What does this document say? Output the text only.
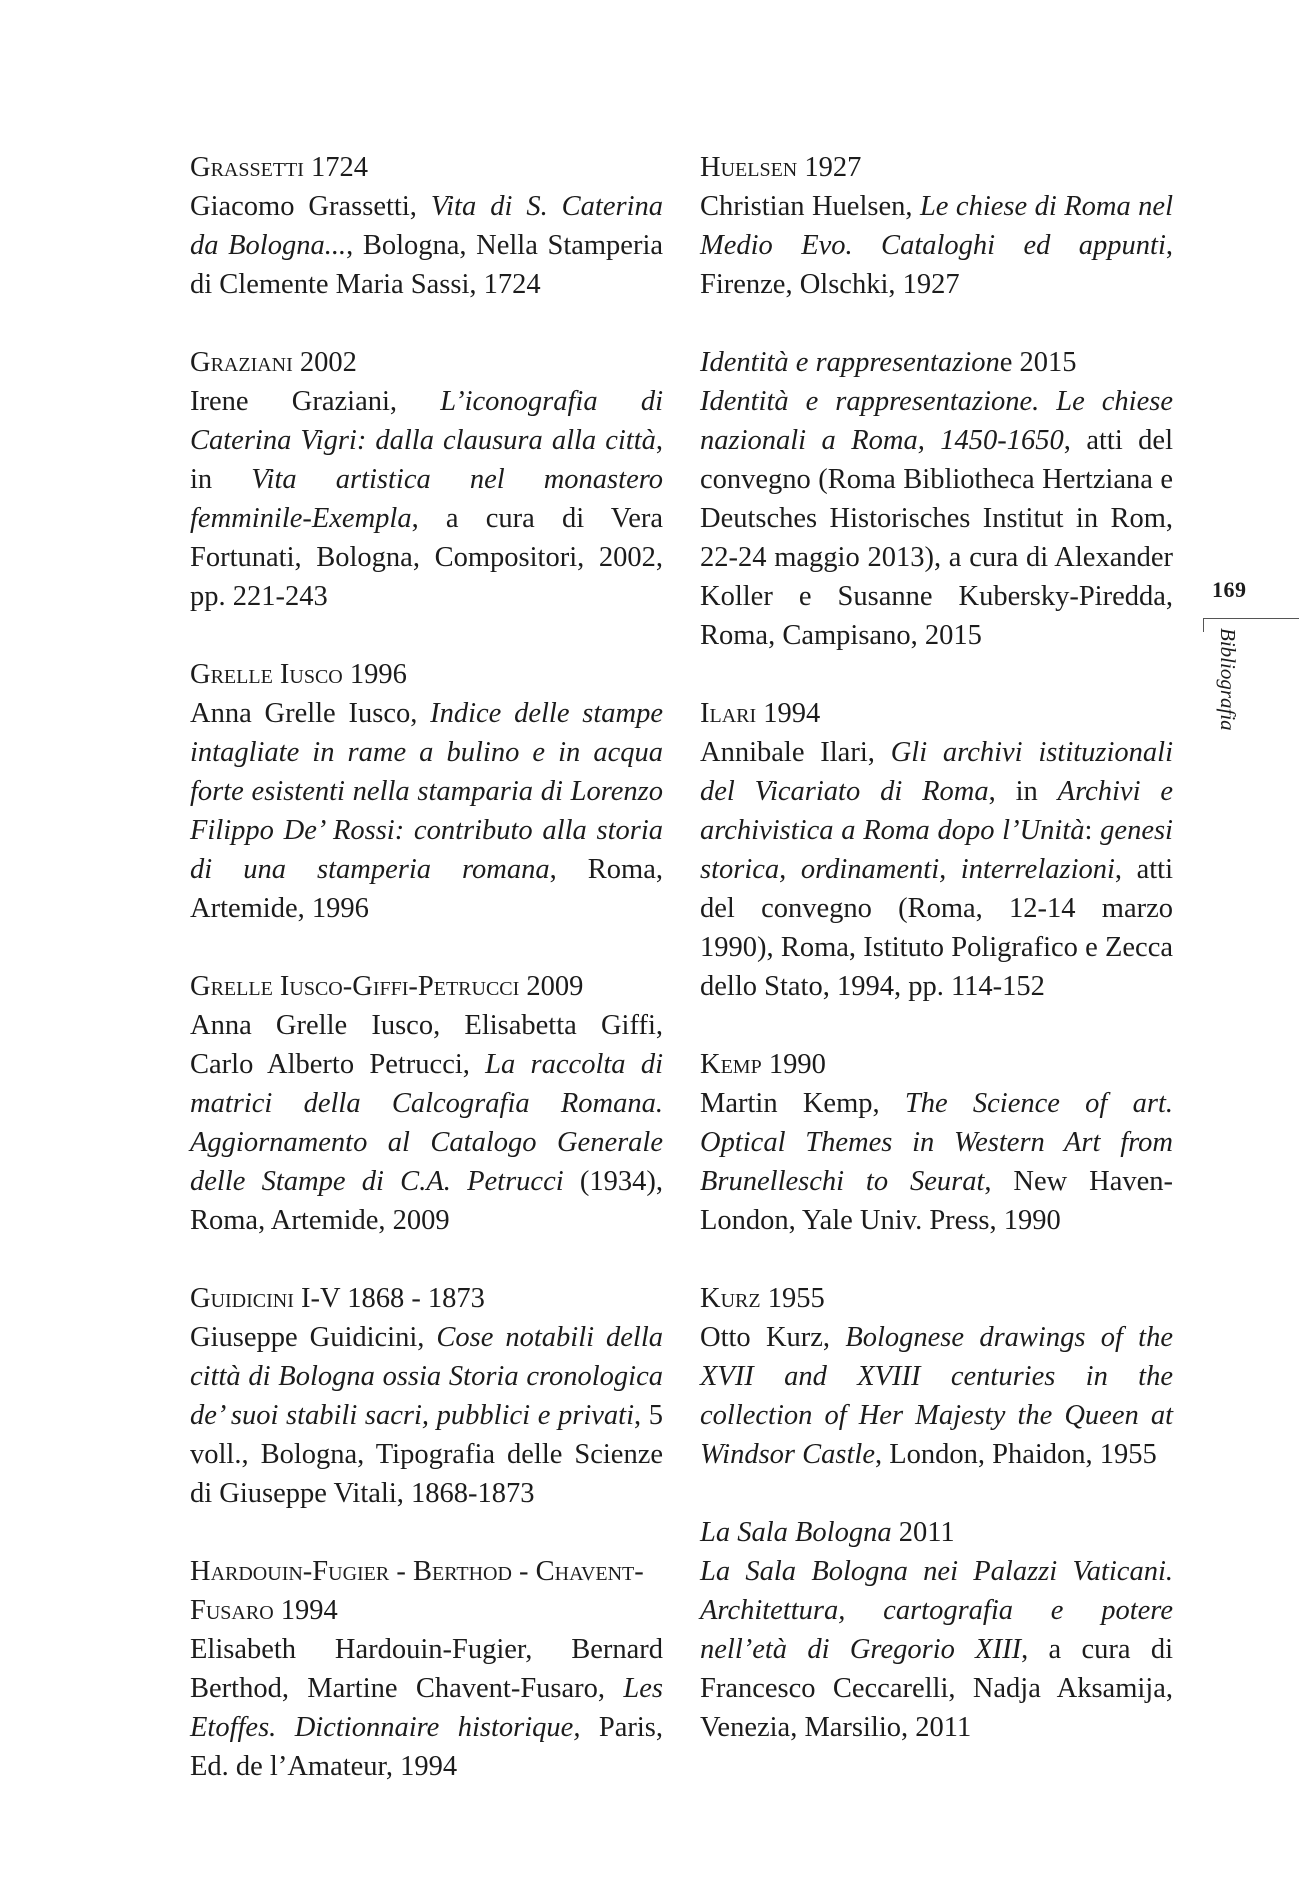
Grassetti 1724
Giacomo Grassetti, Vita di S. Caterina da Bologna..., Bologna, Nella Stamperia di Clemente Maria Sassi, 1724
Graziani 2002
Irene Graziani, L’iconografia di Caterina Vigri: dalla clausura alla città, in Vita artistica nel monastero femminile-Exempla, a cura di Vera Fortunati, Bologna, Compositori, 2002, pp. 221-243
Grelle Iusco 1996
Anna Grelle Iusco, Indice delle stampe intagliate in rame a bulino e in acqua forte esistenti nella stamparia di Lorenzo Filippo De’ Rossi: contributo alla storia di una stamperia romana, Roma, Artemide, 1996
Grelle Iusco-Giffi-Petrucci 2009
Anna Grelle Iusco, Elisabetta Giffi, Carlo Alberto Petrucci, La raccolta di matrici della Calcografia Romana. Aggiornamento al Catalogo Generale delle Stampe di C.A. Petrucci (1934), Roma, Artemide, 2009
Guidicini I-V 1868 - 1873
Giuseppe Guidicini, Cose notabili della città di Bologna ossia Storia cronologica de’ suoi stabili sacri, pubblici e privati, 5 voll., Bologna, Tipografia delle Scienze di Giuseppe Vitali, 1868-1873
Hardouin-Fugier - Berthod - Chavent-Fusaro 1994
Elisabeth Hardouin-Fugier, Bernard Berthod, Martine Chavent-Fusaro, Les Etoffes. Dictionnaire historique, Paris, Ed. de l’Amateur, 1994
Huelsen 1927
Christian Huelsen, Le chiese di Roma nel Medio Evo. Cataloghi ed appunti, Firenze, Olschki, 1927
Identità e rappresentazione 2015
Identità e rappresentazione. Le chiese nazionali a Roma, 1450-1650, atti del convegno (Roma Bibliotheca Hertziana e Deutsches Historisches Institut in Rom, 22-24 maggio 2013), a cura di Alexander Koller e Susanne Kubersky-Piredda, Roma, Campisano, 2015
Ilari 1994
Annibale Ilari, Gli archivi istituzionali del Vicariato di Roma, in Archivi e archivistica a Roma dopo l’Unità: genesi storica, ordinamenti, interrelazioni, atti del convegno (Roma, 12-14 marzo 1990), Roma, Istituto Poligrafico e Zecca dello Stato, 1994, pp. 114-152
Kemp 1990
Martin Kemp, The Science of art. Optical Themes in Western Art from Brunelleschi to Seurat, New Haven-London, Yale Univ. Press, 1990
Kurz 1955
Otto Kurz, Bolognese drawings of the XVII and XVIII centuries in the collection of Her Majesty the Queen at Windsor Castle, London, Phaidon, 1955
La Sala Bologna 2011
La Sala Bologna nei Palazzi Vaticani. Architettura, cartografia e potere nell’età di Gregorio XIII, a cura di Francesco Ceccarelli, Nadja Aksamija, Venezia, Marsilio, 2011
169
Bibliografia
